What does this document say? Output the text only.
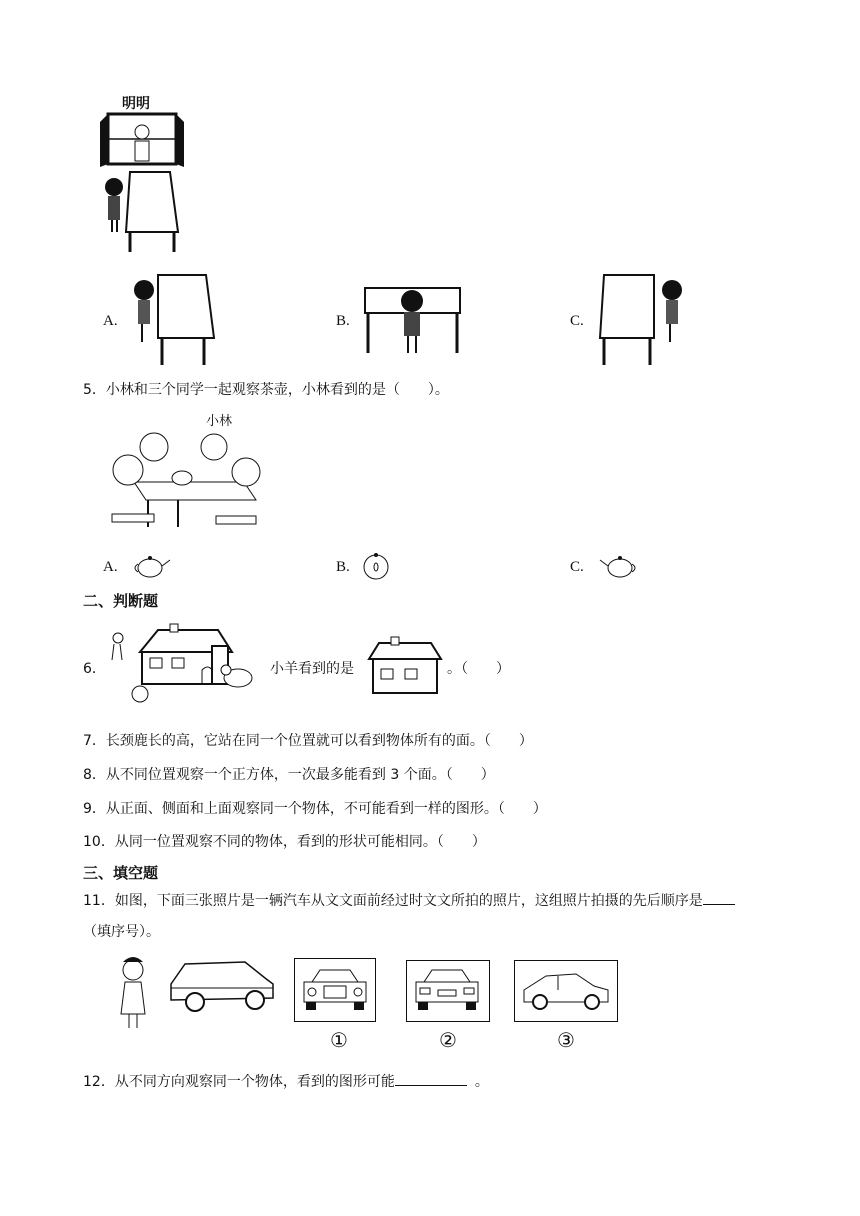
明明
A.	B.	C.
5．小林和三个同学一起观察茶壶，小林看到的是（　　）。
小林
A.	B.	C.
二、判断题
6．	小羊看到的是	。（　　）
7．长颈鹿长的高，它站在同一个位置就可以看到物体所有的面。（　　）
8．从不同位置观察一个正方体，一次最多能看到 3 个面。（　　）
9．从正面、侧面和上面观察同一个物体，不可能看到一样的图形。（　　）
10．从同一位置观察不同的物体，看到的形状可能相同。（　　）
三、填空题
11．如图，下面三张照片是一辆汽车从文文面前经过时文文所拍的照片，这组照片拍摄的先后顺序是
（填序号）。
①	②	③
12．从不同方向观察同一个物体，看到的图形可能	。
